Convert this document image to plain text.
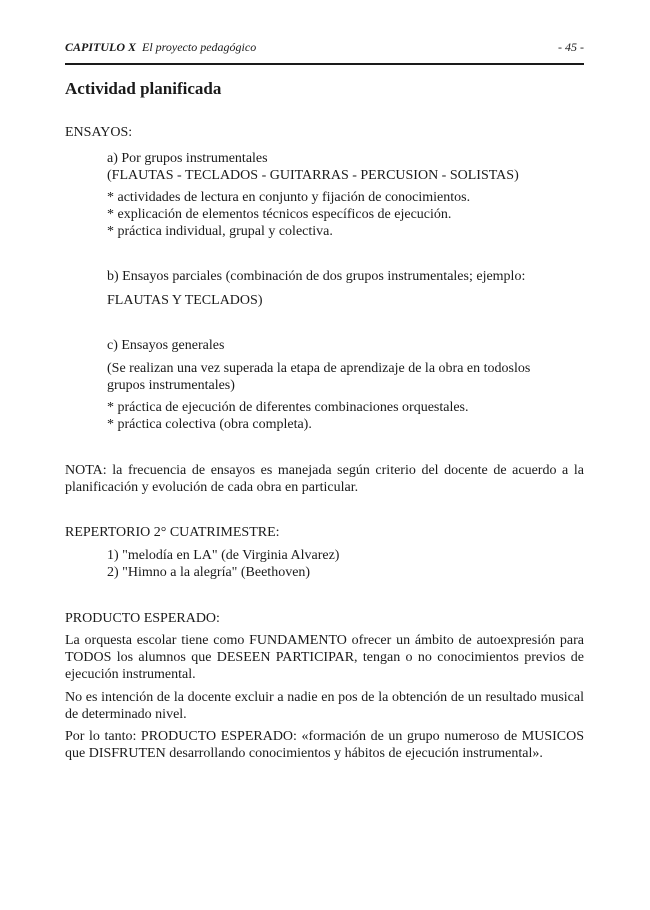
CAPITULO X El proyecto pedagógico	- 45 -
Actividad planificada
ENSAYOS:
a) Por grupos instrumentales
(FLAUTAS - TECLADOS - GUITARRAS - PERCUSION - SOLISTAS)
* actividades de lectura en conjunto y fijación de conocimientos.
* explicación de elementos técnicos específicos de ejecución.
* práctica individual, grupal y colectiva.
b) Ensayos parciales (combinación de dos grupos instrumentales; ejemplo:
FLAUTAS Y TECLADOS)
c) Ensayos generales
(Se realizan una vez superada la etapa de aprendizaje de la obra en todoslos
grupos instrumentales)
* práctica de ejecución de diferentes combinaciones orquestales.
* práctica colectiva (obra completa).
NOTA: la frecuencia de ensayos es manejada según criterio del docente de acuerdo a la planificación y evolución de cada obra en particular.
REPERTORIO 2° CUATRIMESTRE:
1) "melodía en LA" (de Virginia Alvarez)
2) "Himno a la alegría" (Beethoven)
PRODUCTO ESPERADO:
La orquesta escolar tiene como FUNDAMENTO ofrecer un ámbito de autoexpresión para TODOS los alumnos que DESEEN PARTICIPAR, tengan o no conocimientos previos de ejecución instrumental.
No es intención de la docente excluir a nadie en pos de la obtención de un resultado musical de determinado nivel.
Por lo tanto: PRODUCTO ESPERADO: «formación de un grupo numeroso de MUSICOS que DISFRUTEN desarrollando conocimientos y hábitos de ejecución instrumental».
